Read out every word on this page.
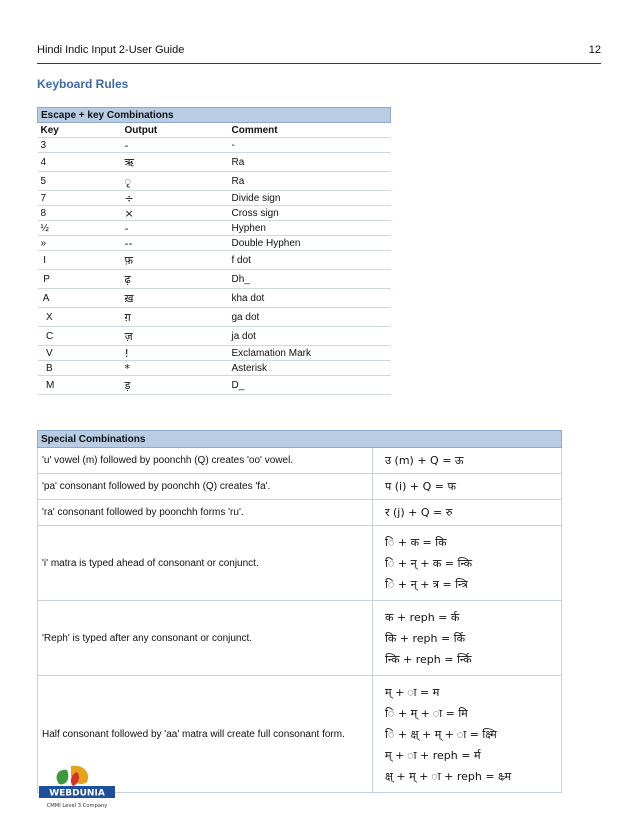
Hindi Indic Input 2-User Guide	12
Keyboard Rules
Escape + key Combinations		
Key	Output	Comment
3	-	-
4	ऋ	Ra
5	ृ	Ra
7	÷	Divide sign
8	×	Cross sign
½	-	Hyphen
»	--	Double Hyphen
I	फ़	f dot
P	ढ़	Dh_
A	ख़	kha dot
X	ग़	ga dot
C	ज़	ja dot
V	!	Exclamation Mark
B	*	Asterisk
M	ड़	D_
Special Combinations	
'u' vowel (m) followed by poonchh (Q) creates 'oo' vowel.	उ (m) + Q = ऊ

'pa' consonant followed by poonchh (Q) creates 'fa'.	प (i) + Q = फ

'ra' consonant followed by poonchh forms 'ru'.	र (j) + Q = रु

'i' matra is typed ahead of consonant or conjunct.	ि + क = कि
ि + न् + क = न्कि
ि + न् + त्र = न्त्रि

'Reph' is typed after any consonant or conjunct.	क + reph = र्क
कि + reph = र्कि
न्कि + reph = र्न्कि

Half consonant followed by 'aa' matra will create full consonant form.	म् + ा = म
ि + म् + ा = मि
ि + क्ष् + म् + ा = क्ष्मि
म् + ा + reph = र्म
क्ष् + म् + ा + reph = क्ष्र्म
WEBDUNIA
CMMI Level 3 Company
